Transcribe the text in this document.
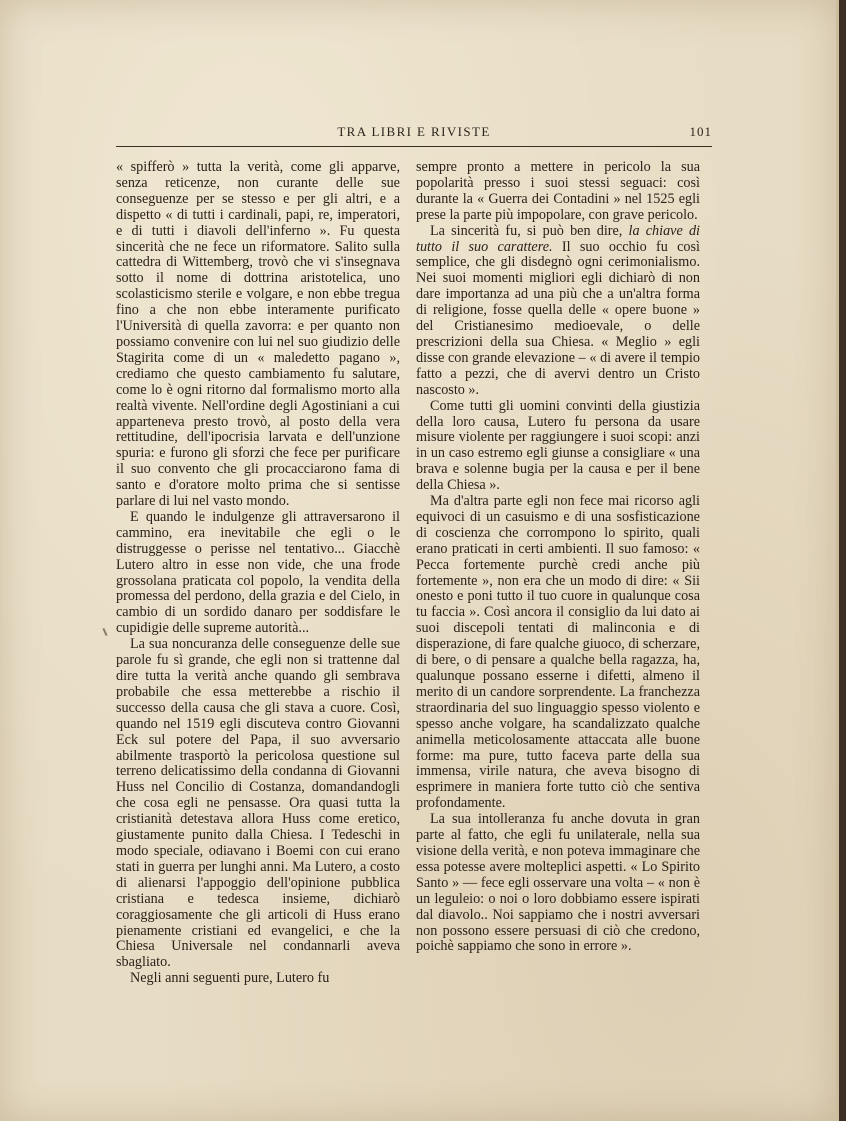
TRA LIBRI E RIVISTE	101

« spifferò » tutta la verità, come gli apparve, senza reticenze, non curante delle sue conseguenze per se stesso e per gli altri, e a dispetto « di tutti i cardinali, papi, re, imperatori, e di tutti i diavoli dell'inferno ». Fu questa sincerità che ne fece un riformatore. Salito sulla cattedra di Wittemberg, trovò che vi s'insegnava sotto il nome di dottrina aristotelica, uno scolasticismo sterile e volgare, e non ebbe tregua fino a che non ebbe interamente purificato l'Università di quella zavorra: e per quanto non possiamo convenire con lui nel suo giudizio delle Stagirita come di un « maledetto pagano », crediamo che questo cambiamento fu salutare, come lo è ogni ritorno dal formalismo morto alla realtà vivente. Nell'ordine degli Agostiniani a cui apparteneva presto trovò, al posto della vera rettitudine, dell'ipocrisia larvata e dell'unzione spuria: e furono gli sforzi che fece per purificare il suo convento che gli procacciarono fama di santo e d'oratore molto prima che si sentisse parlare di lui nel vasto mondo.

E quando le indulgenze gli attraversarono il cammino, era inevitabile che egli o le distruggesse o perisse nel tentativo... Giacchè Lutero altro in esse non vide, che una frode grossolana praticata col popolo, la vendita della promessa del perdono, della grazia e del Cielo, in cambio di un sordido danaro per soddisfare le cupidigie delle supreme autorità...

La sua noncuranza delle conseguenze delle sue parole fu sì grande, che egli non si trattenne dal dire tutta la verità anche quando gli sembrava probabile che essa metterebbe a rischio il successo della causa che gli stava a cuore. Così, quando nel 1519 egli discuteva contro Giovanni Eck sul potere del Papa, il suo avversario abilmente trasportò la pericolosa questione sul terreno delicatissimo della condanna di Giovanni Huss nel Concilio di Costanza, domandandogli che cosa egli ne pensasse. Ora quasi tutta la cristianità detestava allora Huss come eretico, giustamente punito dalla Chiesa. I Tedeschi in modo speciale, odiavano i Boemi con cui erano stati in guerra per lunghi anni. Ma Lutero, a costo di alienarsi l'appoggio dell'opinione pubblica cristiana e tedesca insieme, dichiarò coraggiosamente che gli articoli di Huss erano pienamente cristiani ed evangelici, e che la Chiesa Universale nel condannarli aveva sbagliato.

Negli anni seguenti pure, Lutero fu

sempre pronto a mettere in pericolo la sua popolarità presso i suoi stessi seguaci: così durante la « Guerra dei Contadini » nel 1525 egli prese la parte più impopolare, con grave pericolo.

La sincerità fu, si può ben dire, la chiave di tutto il suo carattere. Il suo occhio fu così semplice, che gli disdegnò ogni cerimonialismo. Nei suoi momenti migliori egli dichiarò di non dare importanza ad una più che a un'altra forma di religione, fosse quella delle « opere buone » del Cristianesimo medioevale, o delle prescrizioni della sua Chiesa. « Meglio » egli disse con grande elevazione – « di avere il tempio fatto a pezzi, che di avervi dentro un Cristo nascosto ».

Come tutti gli uomini convinti della giustizia della loro causa, Lutero fu persona da usare misure violente per raggiungere i suoi scopi: anzi in un caso estremo egli giunse a consigliare « una brava e solenne bugia per la causa e per il bene della Chiesa ».

Ma d'altra parte egli non fece mai ricorso agli equivoci di un casuismo e di una sosfisticazione di coscienza che corrompono lo spirito, quali erano praticati in certi ambienti. Il suo famoso: « Pecca fortemente purchè credi anche più fortemente », non era che un modo di dire: « Sii onesto e poni tutto il tuo cuore in qualunque cosa tu faccia ». Così ancora il consiglio da lui dato ai suoi discepoli tentati di malinconia e di disperazione, di fare qualche giuoco, di scherzare, di bere, o di pensare a qualche bella ragazza, ha, qualunque possano esserne i difetti, almeno il merito di un candore sorprendente. La franchezza straordinaria del suo linguaggio spesso violento e spesso anche volgare, ha scandalizzato qualche animella meticolosamente attaccata alle buone forme: ma pure, tutto faceva parte della sua immensa, virile natura, che aveva bisogno di esprimere in maniera forte tutto ciò che sentiva profondamente.

La sua intolleranza fu anche dovuta in gran parte al fatto, che egli fu unilaterale, nella sua visione della verità, e non poteva immaginare che essa potesse avere molteplici aspetti. « Lo Spirito Santo » — fece egli osservare una volta – « non è un leguleio: o noi o loro dobbiamo essere ispirati dal diavolo.. Noi sappiamo che i nostri avversari non possono essere persuasi di ciò che credono, poichè sappiamo che sono in errore ».
